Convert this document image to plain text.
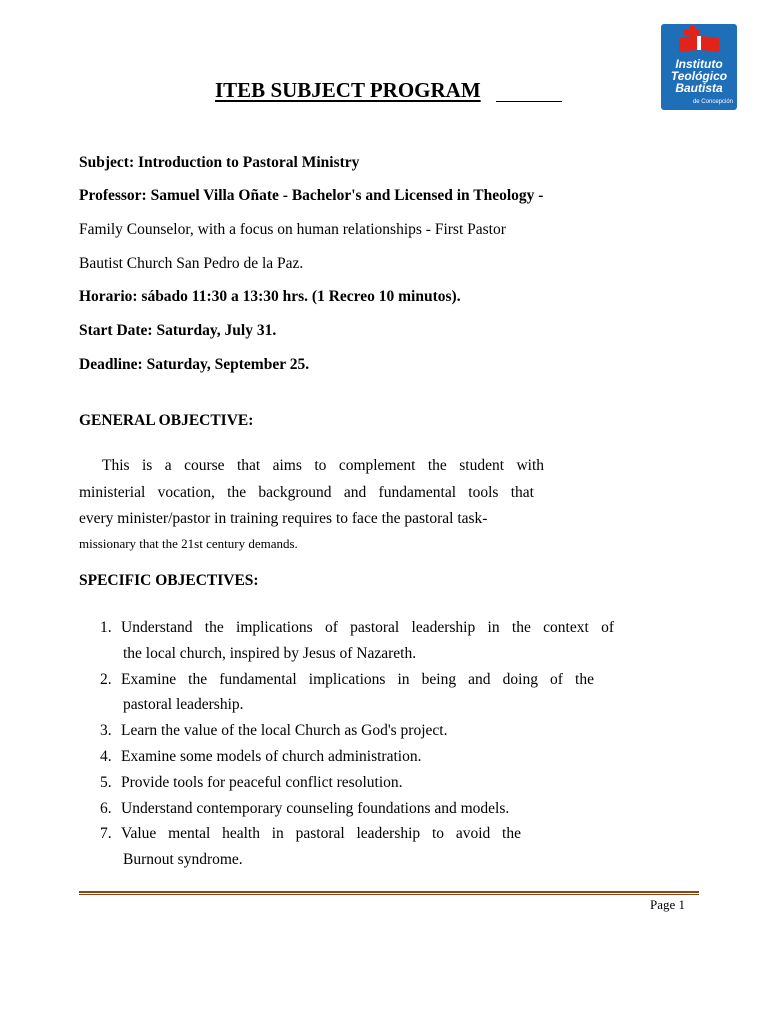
Instituto
Teológico
Bautista
de Concepción
ITEB SUBJECT PROGRAM
Subject: Introduction to Pastoral Ministry
Professor: Samuel Villa Oñate - Bachelor's and Licensed in Theology -
Family Counselor, with a focus on human relationships - First Pastor
Bautist Church San Pedro de la Paz.
Horario: sábado 11:30 a 13:30 hrs. (1 Recreo 10 minutos).
Start Date: Saturday, July 31.
Deadline: Saturday, September 25.
GENERAL OBJECTIVE:
This is a course that aims to complement the student with
ministerial vocation, the background and fundamental tools that
every minister/pastor in training requires to face the pastoral task-
missionary that the 21st century demands.
SPECIFIC OBJECTIVES:
1. Understand the implications of pastoral leadership in the context of
the local church, inspired by Jesus of Nazareth.
2. Examine the fundamental implications in being and doing of the
pastoral leadership.
3. Learn the value of the local Church as God's project.
4. Examine some models of church administration.
5. Provide tools for peaceful conflict resolution.
6. Understand contemporary counseling foundations and models.
7. Value mental health in pastoral leadership to avoid the
Burnout syndrome.
Page 1
